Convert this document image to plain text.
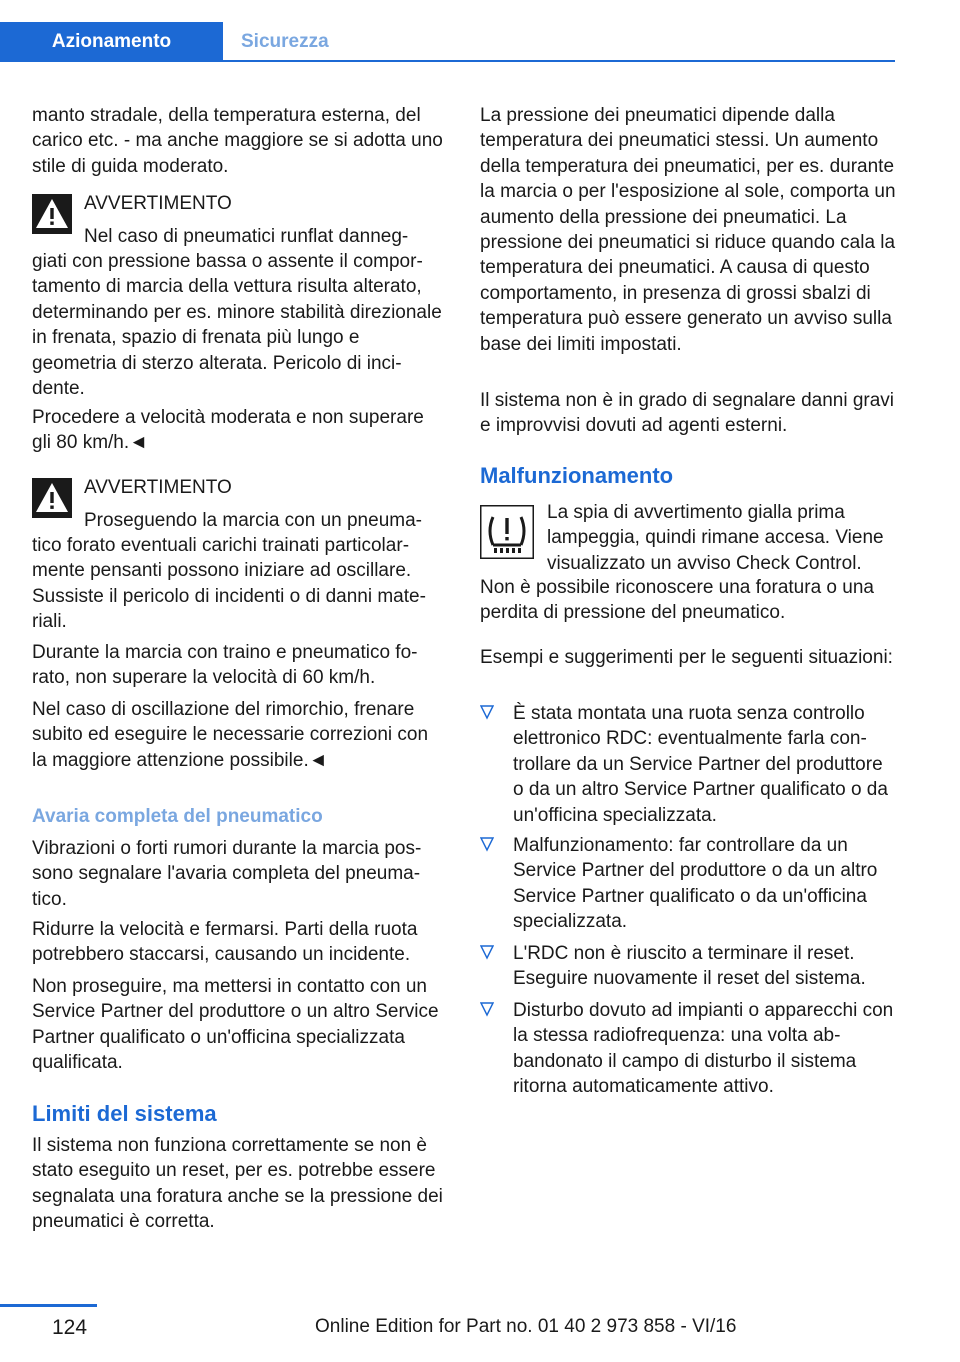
Azionamento	Sicurezza

manto stradale, della temperatura esterna, del carico etc. - ma anche maggiore se si adotta uno stile di guida moderato.

AVVERTIMENTO
Nel caso di pneumatici runflat danneg-

giati con pressione bassa o assente il comportamento di marcia della vettura risulta alterato, determinando per es. minore stabilità direzionale in frenata, spazio di frenata più lungo e geometria di sterzo alterata. Pericolo di incidente.

Procedere a velocità moderata e non superare gli 80 km/h.◄

AVVERTIMENTO
Proseguendo la marcia con un pneuma-

tico forato eventuali carichi trainati particolarmente pensanti possono iniziare ad oscillare. Sussiste il pericolo di incidenti o di danni materiali.

Durante la marcia con traino e pneumatico forato, non superare la velocità di 60 km/h.

Nel caso di oscillazione del rimorchio, frenare subito ed eseguire le necessarie correzioni con la maggiore attenzione possibile.◄

Avaria completa del pneumatico

Vibrazioni o forti rumori durante la marcia possono segnalare l'avaria completa del pneumatico.

Ridurre la velocità e fermarsi. Parti della ruota potrebbero staccarsi, causando un incidente.

Non proseguire, ma mettersi in contatto con un Service Partner del produttore o un altro Service Partner qualificato o un'officina specializzata qualificata.

Limiti del sistema

Il sistema non funziona correttamente se non è stato eseguito un reset, per es. potrebbe essere segnalata una foratura anche se la pressione dei pneumatici è corretta.

La pressione dei pneumatici dipende dalla temperatura dei pneumatici stessi. Un aumento della temperatura dei pneumatici, per es. durante la marcia o per l'esposizione al sole, comporta un aumento della pressione dei pneumatici. La pressione dei pneumatici si riduce quando cala la temperatura dei pneumatici. A causa di questo comportamento, in presenza di grossi sbalzi di temperatura può essere generato un avviso sulla base dei limiti impostati.

Il sistema non è in grado di segnalare danni gravi e improvvisi dovuti ad agenti esterni.

Malfunzionamento
La spia di avvertimento gialla prima lampeggia, quindi rimane accesa. Viene visualizzato un avviso Check Control.

Non è possibile riconoscere una foratura o una perdita di pressione del pneumatico.

Esempi e suggerimenti per le seguenti situazioni:

È stata montata una ruota senza controllo elettronico RDC: eventualmente farla controllare da un Service Partner del produttore o da un altro Service Partner qualificato o da un'officina specializzata.
Malfunzionamento: far controllare da un Service Partner del produttore o da un altro Service Partner qualificato o da un'officina specializzata.
L'RDC non è riuscito a terminare il reset. Eseguire nuovamente il reset del sistema.
Disturbo dovuto ad impianti o apparecchi con la stessa radiofrequenza: una volta abbandonato il campo di disturbo il sistema ritorna automaticamente attivo.
124	Online Edition for Part no. 01 40 2 973 858 - VI/16
